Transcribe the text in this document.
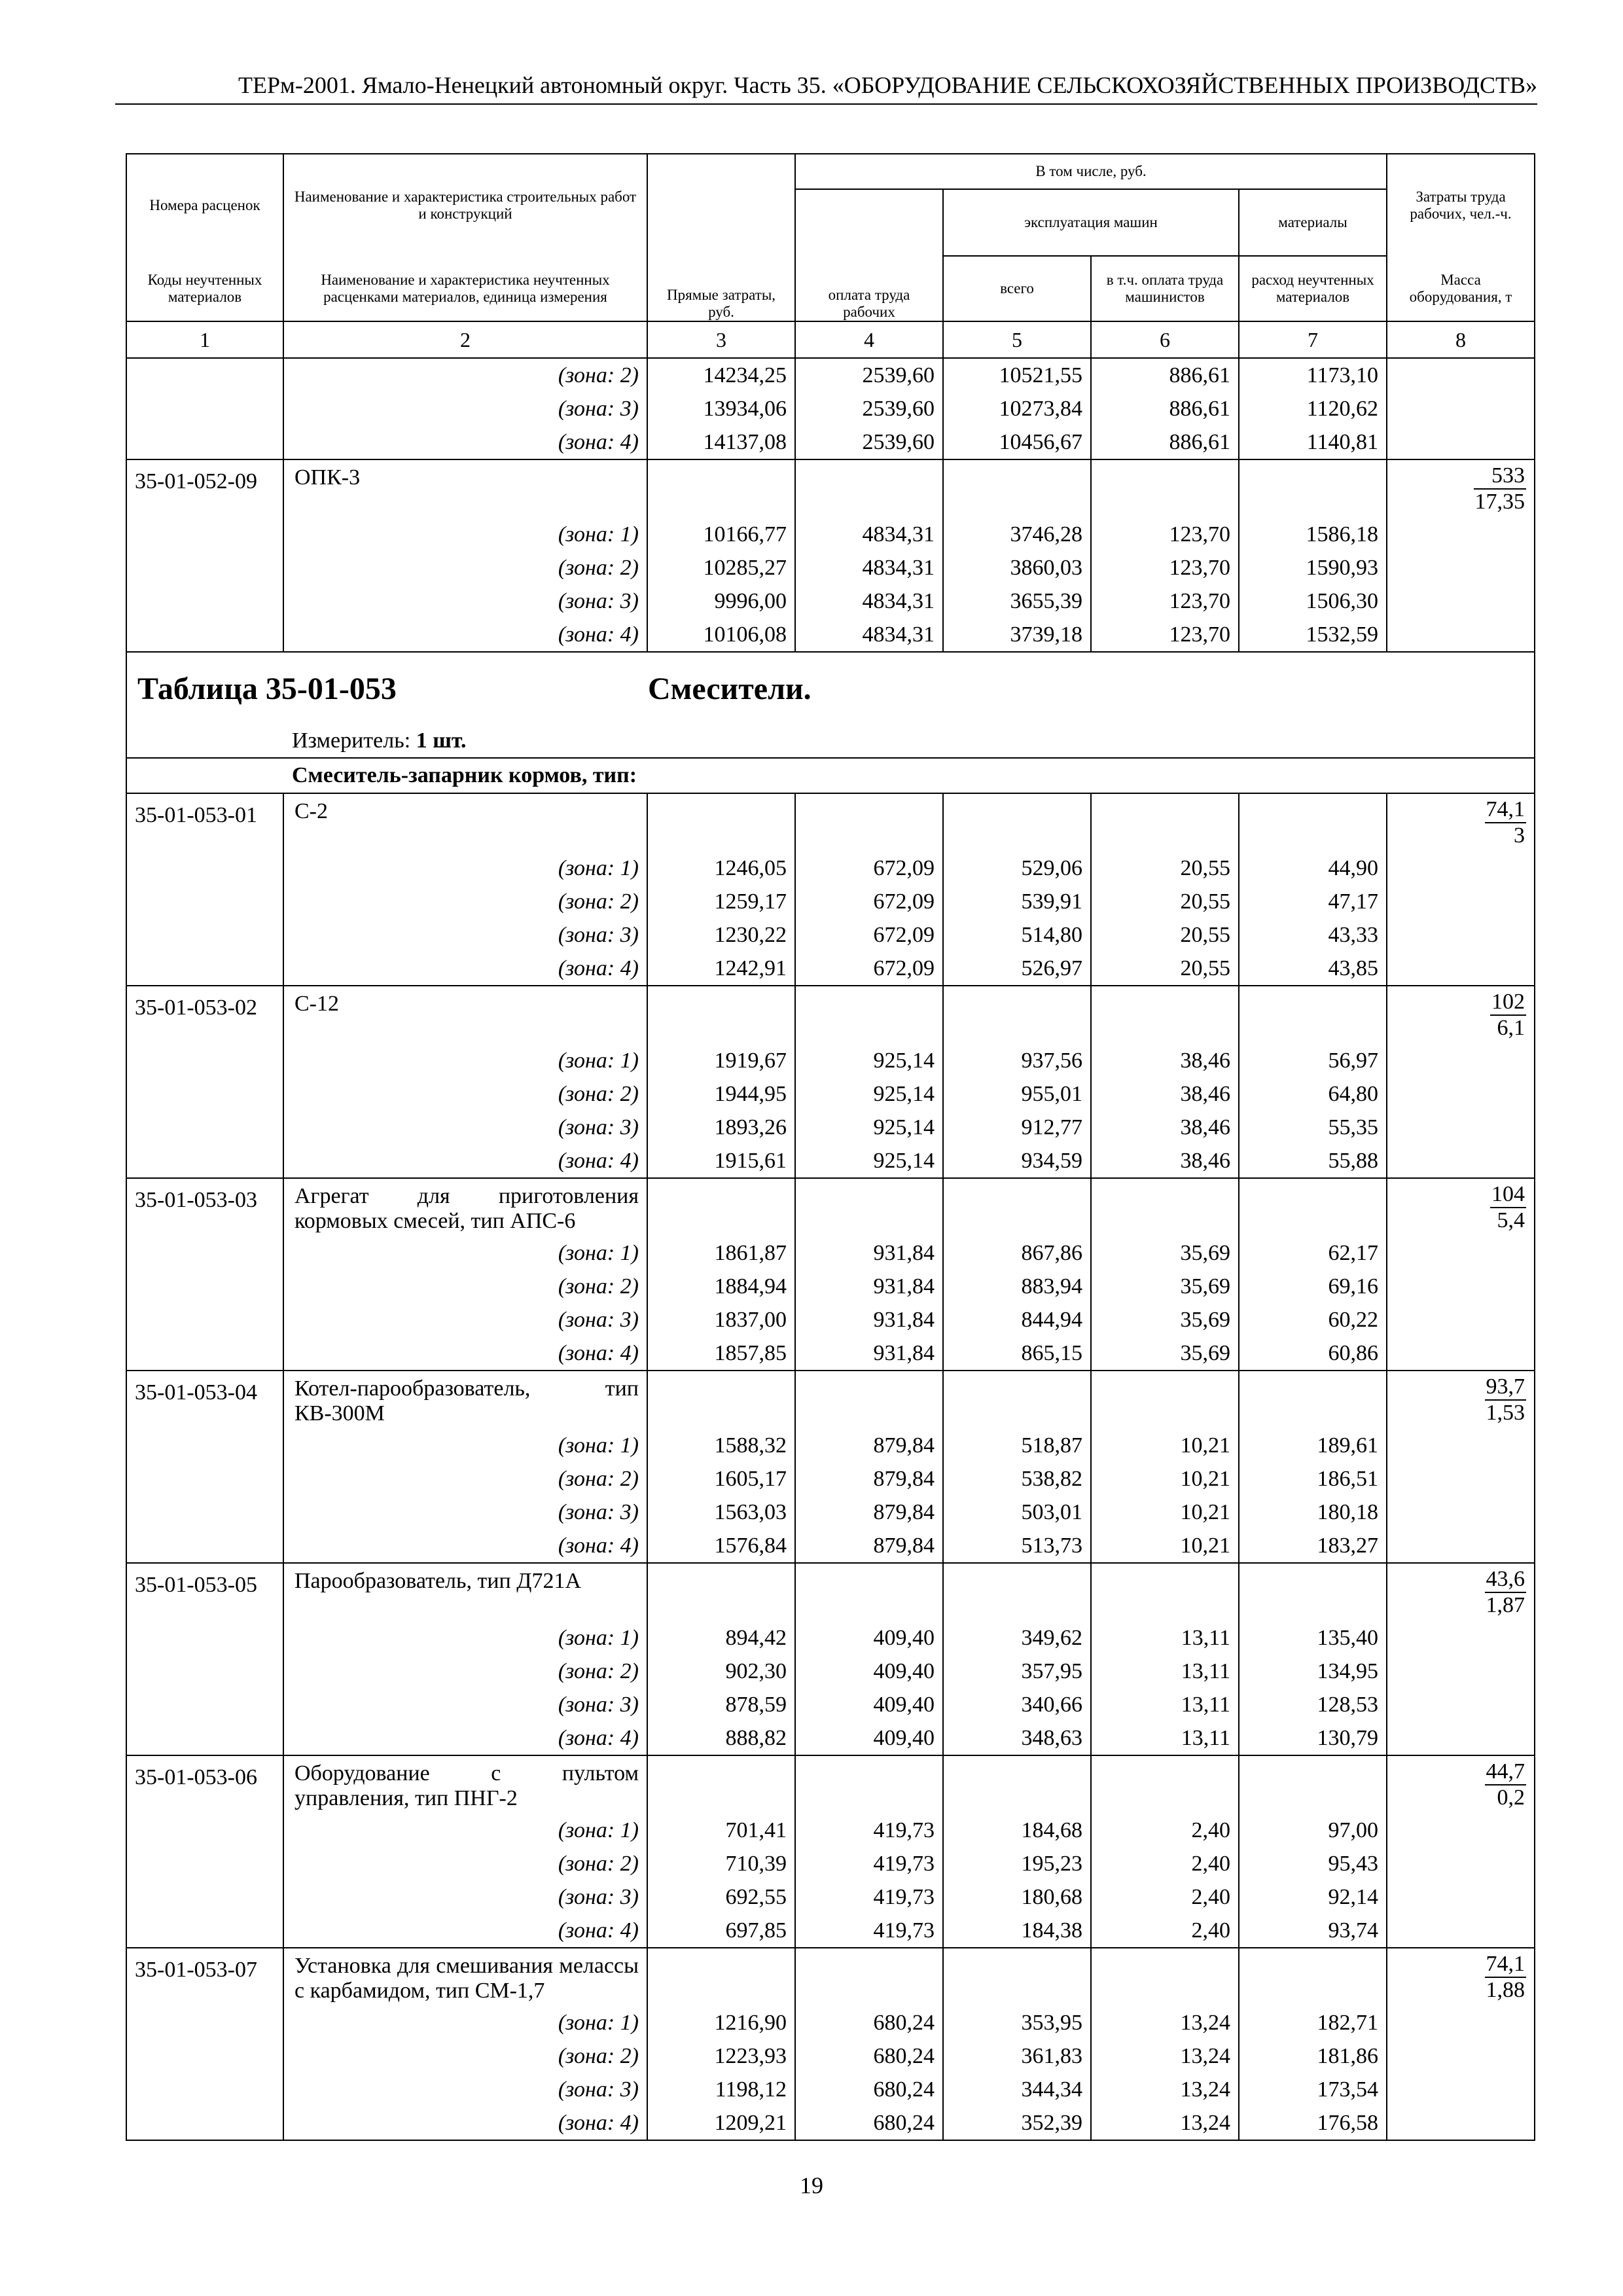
ТЕРм-2001. Ямало-Ненецкий автономный округ. Часть 35. «ОБОРУДОВАНИЕ СЕЛЬСКОХОЗЯЙСТВЕННЫХ ПРОИЗВОДСТВ»
Номера расценок	Наименование и характеристика строительных работ и конструкций	Прямые затраты, руб.	В том числе, руб.				Затраты труда рабочих, чел.-ч.
			оплата труда рабочих	эксплуатация машин		материалы	
Коды неучтенных материалов	Наименование и характеристика неучтенных расценками материалов, единица измерения			всего	в т.ч. оплата труда машинистов	расход неучтенных материалов	Масса оборудования, т
1	2	3	4	5	6	7	8
	(зона: 2)	14234,25	2539,60	10521,55	886,61	1173,10	
	(зона: 3)	13934,06	2539,60	10273,84	886,61	1120,62	
	(зона: 4)	14137,08	2539,60	10456,67	886,61	1140,81	
35-01-052-09	ОПК-3						$\frac{533}{17,35}$

	(зона: 1)	10166,77	4834,31	3746,28	123,70	1586,18	
	(зона: 2)	10285,27	4834,31	3860,03	123,70	1590,93	
	(зона: 3)	9996,00	4834,31	3655,39	123,70	1506,30	
	(зона: 4)	10106,08	4834,31	3739,18	123,70	1532,59	

Таблица 35-01-053 Смесители.							

Измеритель: 1 шт.							
Смеситель-запарник кормов, тип:							
35-01-053-01	С-2						$\frac{74,1}{3}$

	(зона: 1)	1246,05	672,09	529,06	20,55	44,90	
	(зона: 2)	1259,17	672,09	539,91	20,55	47,17	
	(зона: 3)	1230,22	672,09	514,80	20,55	43,33	
	(зона: 4)	1242,91	672,09	526,97	20,55	43,85	
35-01-053-02	С-12						$\frac{102}{6,1}$

	(зона: 1)	1919,67	925,14	937,56	38,46	56,97	
	(зона: 2)	1944,95	925,14	955,01	38,46	64,80	
	(зона: 3)	1893,26	925,14	912,77	38,46	55,35	
	(зона: 4)	1915,61	925,14	934,59	38,46	55,88	
35-01-053-03	Агрегат для приготовления кормовых смесей, тип АПС-6						$\frac{104}{5,4}$

	(зона: 1)	1861,87	931,84	867,86	35,69	62,17	
	(зона: 2)	1884,94	931,84	883,94	35,69	69,16	
	(зона: 3)	1837,00	931,84	844,94	35,69	60,22	
	(зона: 4)	1857,85	931,84	865,15	35,69	60,86	
35-01-053-04	Котел-парообразователь, тип КВ-300М						$\frac{93,7}{1,53}$

	(зона: 1)	1588,32	879,84	518,87	10,21	189,61	
	(зона: 2)	1605,17	879,84	538,82	10,21	186,51	
	(зона: 3)	1563,03	879,84	503,01	10,21	180,18	
	(зона: 4)	1576,84	879,84	513,73	10,21	183,27	
35-01-053-05	Парообразователь, тип Д721А						$\frac{43,6}{1,87}$

	(зона: 1)	894,42	409,40	349,62	13,11	135,40	
	(зона: 2)	902,30	409,40	357,95	13,11	134,95	
	(зона: 3)	878,59	409,40	340,66	13,11	128,53	
	(зона: 4)	888,82	409,40	348,63	13,11	130,79	
35-01-053-06	Оборудование с пультом управления, тип ПНГ-2						$\frac{44,7}{0,2}$

	(зона: 1)	701,41	419,73	184,68	2,40	97,00	
	(зона: 2)	710,39	419,73	195,23	2,40	95,43	
	(зона: 3)	692,55	419,73	180,68	2,40	92,14	
	(зона: 4)	697,85	419,73	184,38	2,40	93,74	
35-01-053-07	Установка для смешивания мелассы с карбамидом, тип СМ-1,7						$\frac{74,1}{1,88}$

	(зона: 1)	1216,90	680,24	353,95	13,24	182,71	
	(зона: 2)	1223,93	680,24	361,83	13,24	181,86	
	(зона: 3)	1198,12	680,24	344,34	13,24	173,54	
	(зона: 4)	1209,21	680,24	352,39	13,24	176,58	
19
